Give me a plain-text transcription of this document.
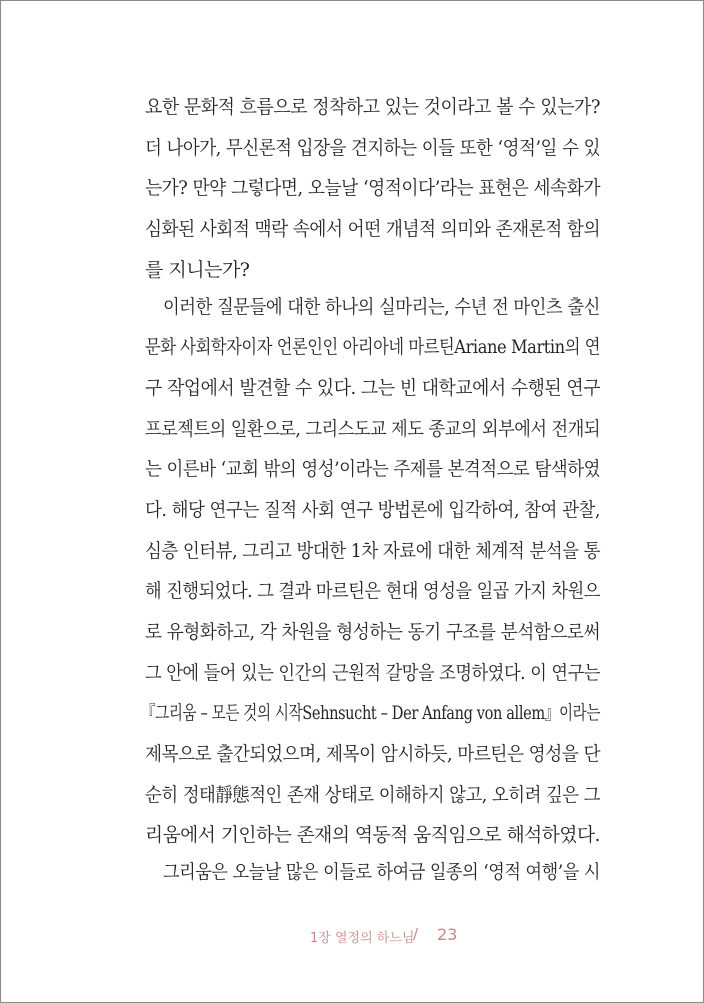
요한 문화적 흐름으로 정착하고 있는 것이라고 볼 수 있는가?
더 나아가, 무신론적 입장을 견지하는 이들 또한 ‘영적’일 수 있
는가? 만약 그렇다면, 오늘날 ‘영적이다’라는 표현은 세속화가
심화된 사회적 맥락 속에서 어떤 개념적 의미와 존재론적 함의
를 지니는가?
이러한 질문들에 대한 하나의 실마리는, 수년 전 마인츠 출신
문화 사회학자이자 언론인인 아리아네 마르틴Ariane Martin의 연
구 작업에서 발견할 수 있다. 그는 빈 대학교에서 수행된 연구
프로젝트의 일환으로, 그리스도교 제도 종교의 외부에서 전개되
는 이른바 ‘교회 밖의 영성’이라는 주제를 본격적으로 탐색하였
다. 해당 연구는 질적 사회 연구 방법론에 입각하여, 참여 관찰,
심층 인터뷰, 그리고 방대한 1차 자료에 대한 체계적 분석을 통
해 진행되었다. 그 결과 마르틴은 현대 영성을 일곱 가지 차원으
로 유형화하고, 각 차원을 형성하는 동기 구조를 분석함으로써
그 안에 들어 있는 인간의 근원적 갈망을 조명하였다. 이 연구는
『그리움 – 모든 것의 시작Sehnsucht – Der Anfang von allem』이라는
제목으로 출간되었으며, 제목이 암시하듯, 마르틴은 영성을 단
순히 정태靜態적인 존재 상태로 이해하지 않고, 오히려 깊은 그
리움에서 기인하는 존재의 역동적 움직임으로 해석하였다.
그리움은 오늘날 많은 이들로 하여금 일종의 ‘영적 여행’을 시
1장 열정의 하느님
/ 23
